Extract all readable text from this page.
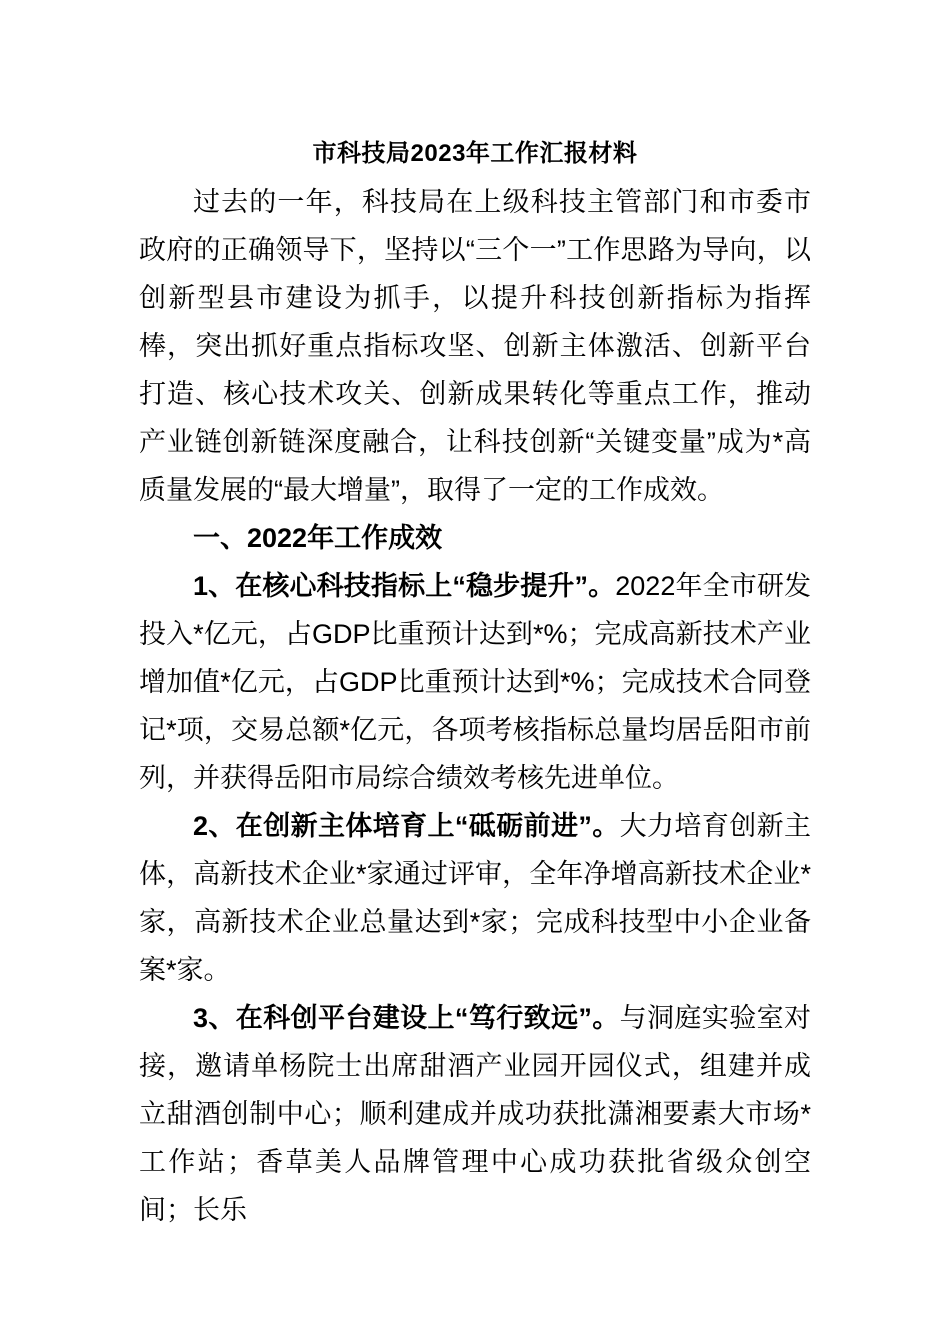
市科技局2023年工作汇报材料

过去的一年，科技局在上级科技主管部门和市委市政府的正确领导下，坚持以“三个一”工作思路为导向，以创新型县市建设为抓手，以提升科技创新指标为指挥棒，突出抓好重点指标攻坚、创新主体激活、创新平台打造、核心技术攻关、创新成果转化等重点工作，推动产业链创新链深度融合，让科技创新“关键变量”成为*高质量发展的“最大增量”，取得了一定的工作成效。

一、2022年工作成效

1、在核心科技指标上“稳步提升”。2022年全市研发投入*亿元，占GDP比重预计达到*%；完成高新技术产业增加值*亿元，占GDP比重预计达到*%；完成技术合同登记*项，交易总额*亿元，各项考核指标总量均居岳阳市前列，并获得岳阳市局综合绩效考核先进单位。

2、在创新主体培育上“砥砺前进”。大力培育创新主体，高新技术企业*家通过评审，全年净增高新技术企业*家，高新技术企业总量达到*家；完成科技型中小企业备案*家。

3、在科创平台建设上“笃行致远”。与洞庭实验室对接，邀请单杨院士出席甜酒产业园开园仪式，组建并成立甜酒创制中心；顺利建成并成功获批潇湘要素大市场*工作站；香草美人品牌管理中心成功获批省级众创空间；长乐
